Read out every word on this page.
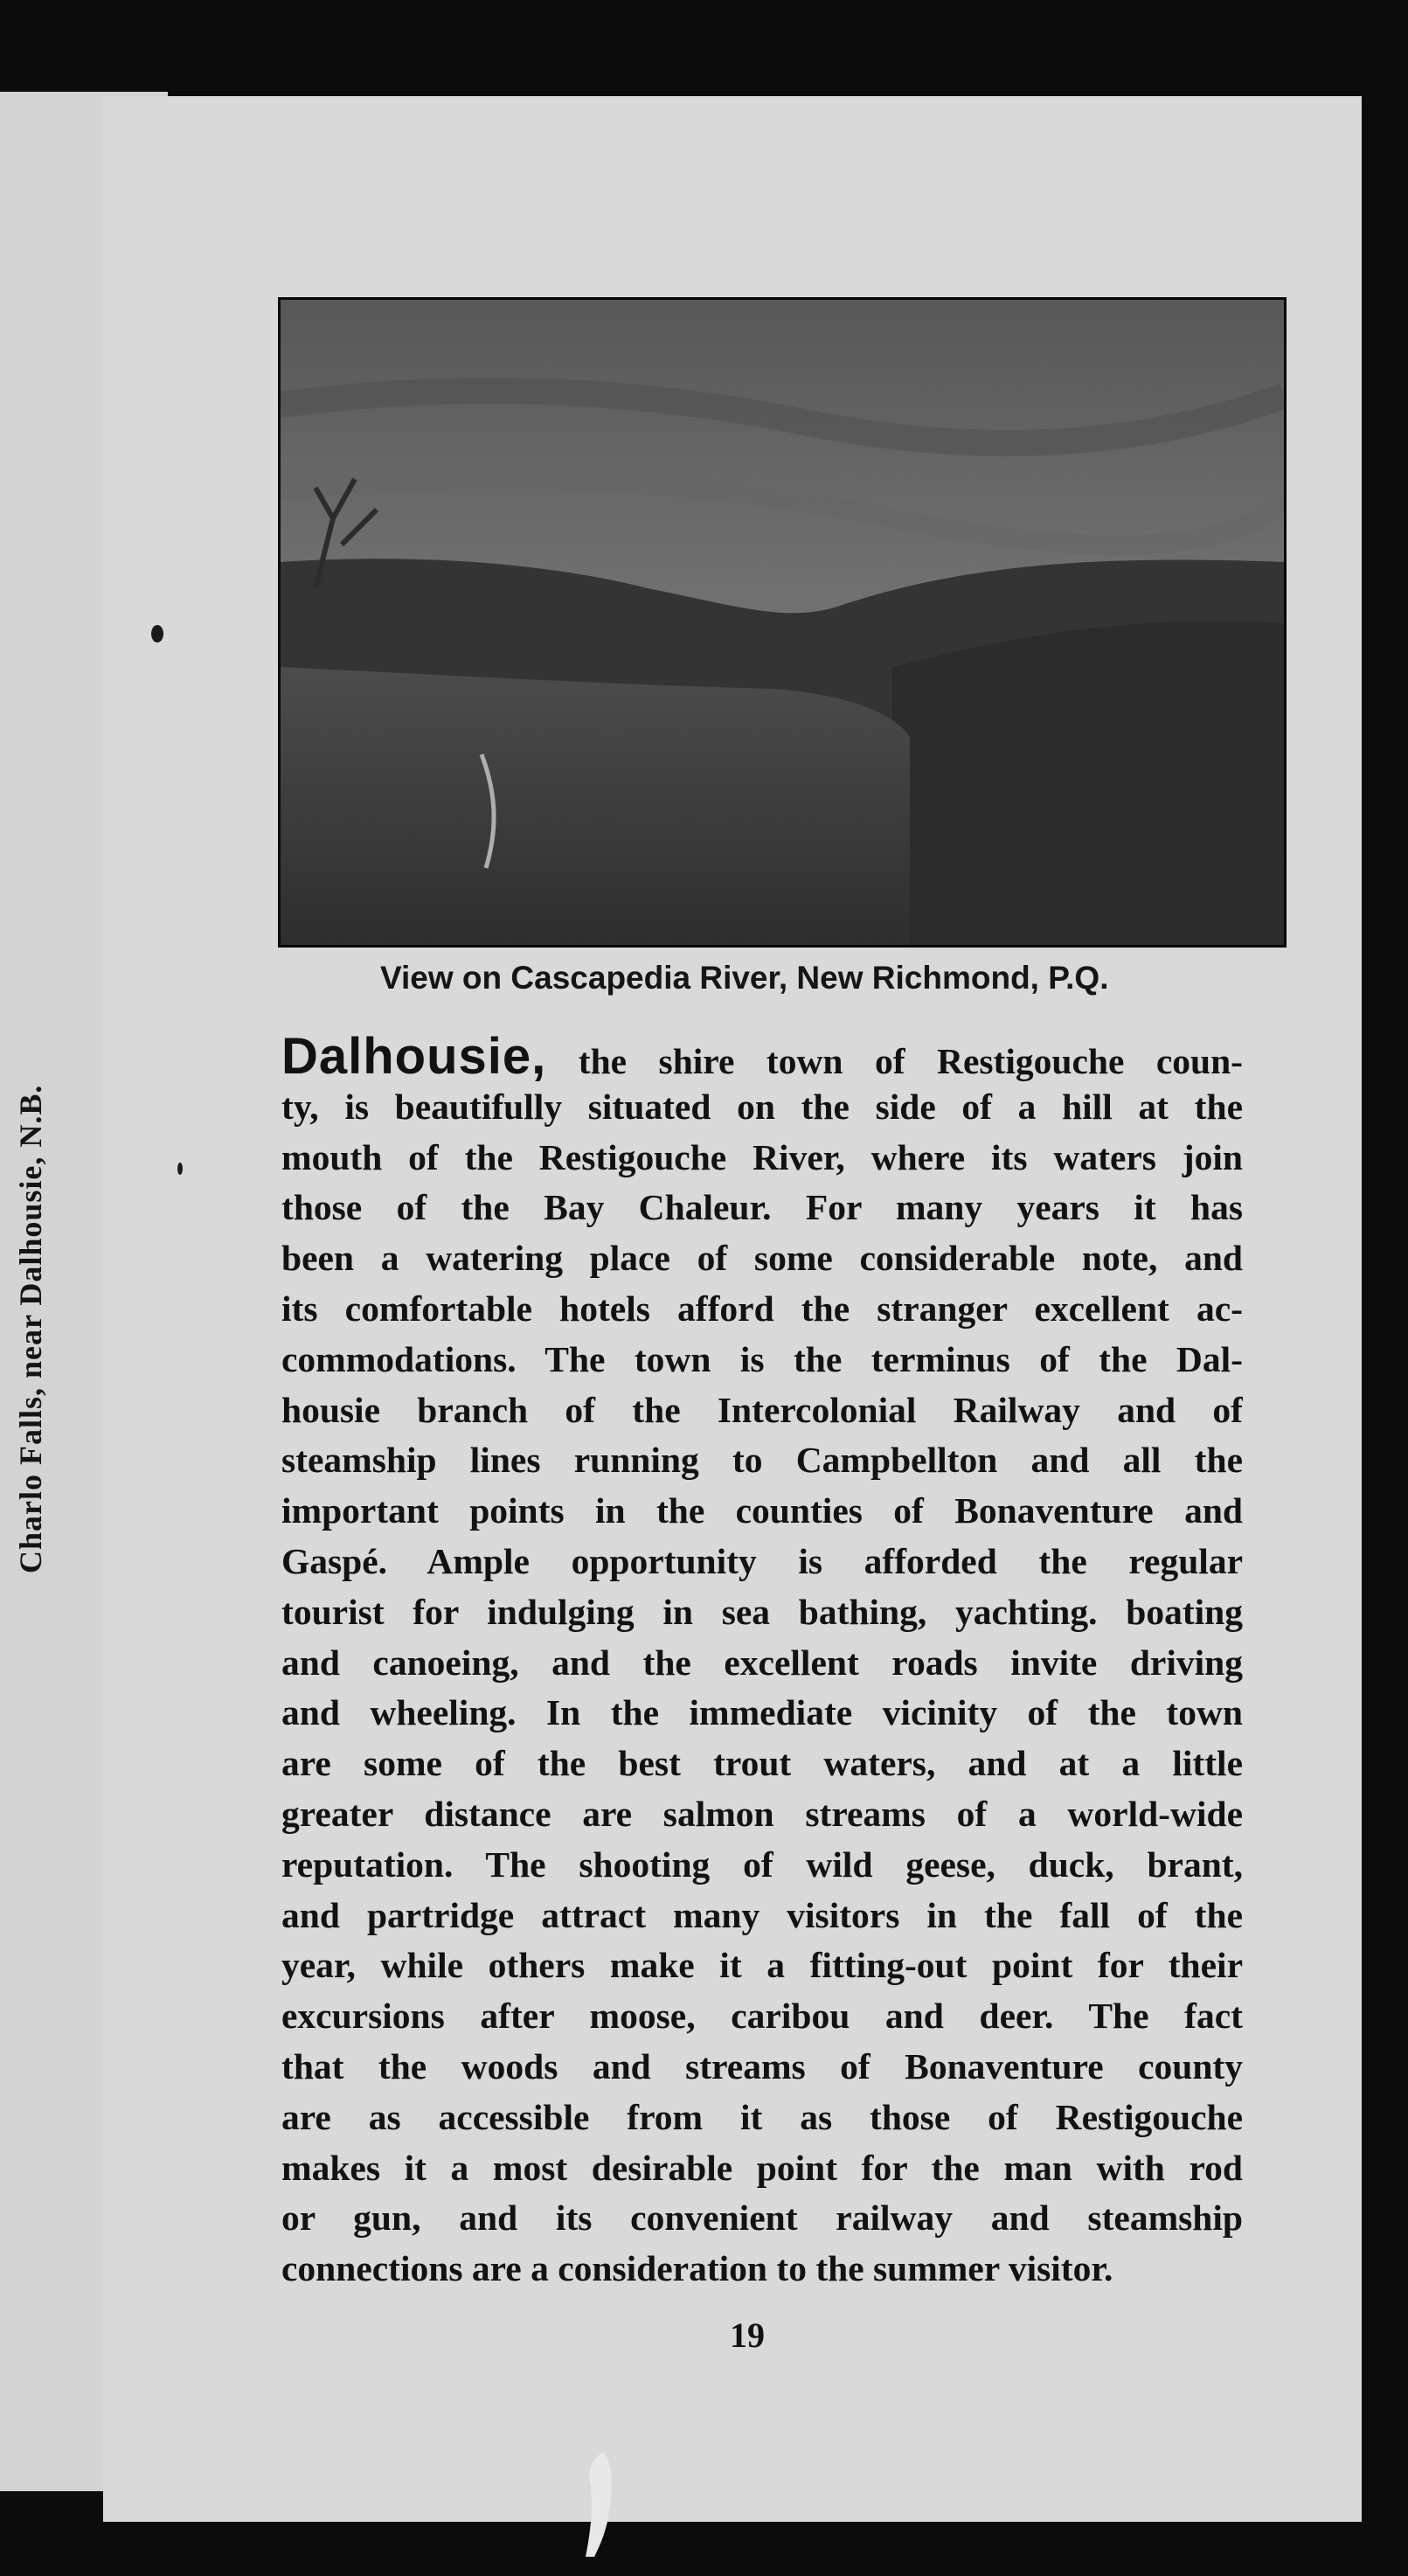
Charlo Falls, near Dalhousie, N.B.
View on Cascapedia River, New Richmond, P.Q.
Dalhousie, the shire town of Restigouche coun-
ty, is beautifully situated on the side of a hill at the
mouth of the Restigouche River, where its waters join
those of the Bay Chaleur. For many years it has
been a watering place of some considerable note, and
its comfortable hotels afford the stranger excellent ac-
commodations. The town is the terminus of the Dal-
housie branch of the Intercolonial Railway and of
steamship lines running to Campbellton and all the
important points in the counties of Bonaventure and
Gaspé. Ample opportunity is afforded the regular
tourist for indulging in sea bathing, yachting. boating
and canoeing, and the excellent roads invite driving
and wheeling. In the immediate vicinity of the town
are some of the best trout waters, and at a little
greater distance are salmon streams of a world-wide
reputation. The shooting of wild geese, duck, brant,
and partridge attract many visitors in the fall of the
year, while others make it a fitting-out point for their
excursions after moose, caribou and deer. The fact
that the woods and streams of Bonaventure county
are as accessible from it as those of Restigouche
makes it a most desirable point for the man with rod
or gun, and its convenient railway and steamship
connections are a consideration to the summer visitor.
19
